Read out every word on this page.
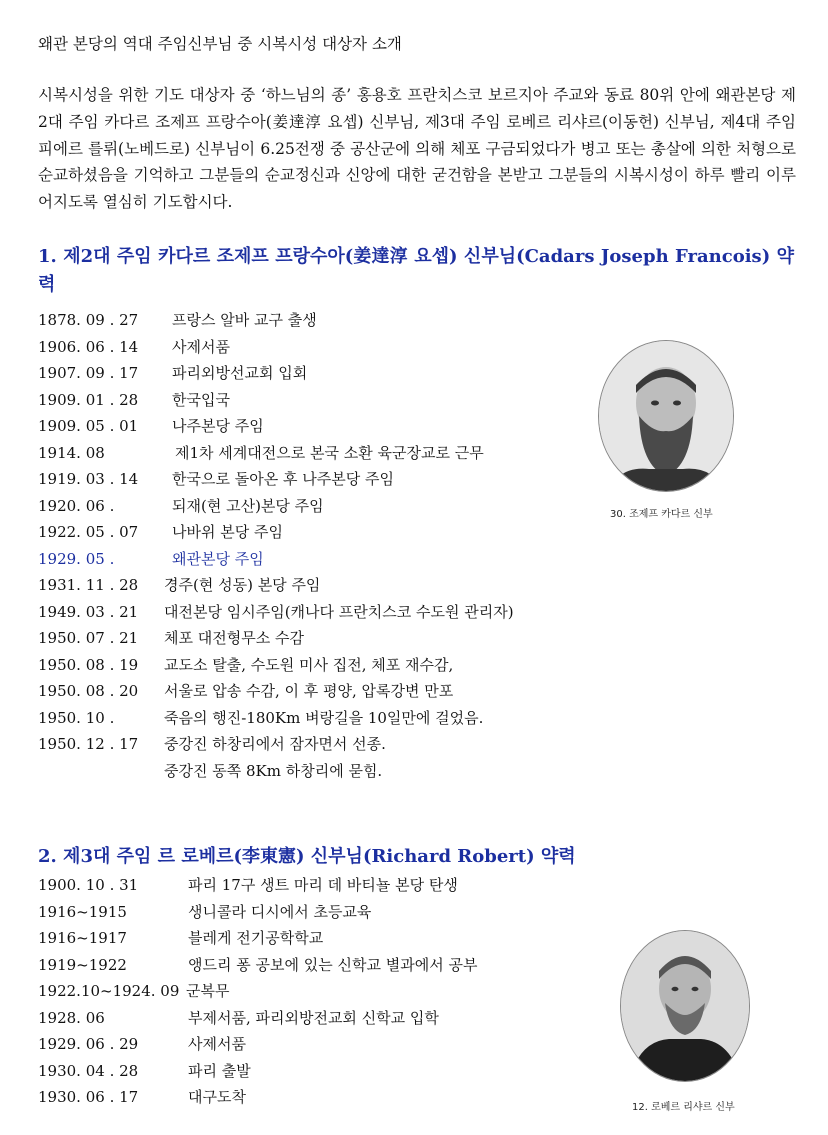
왜관 본당의 역대 주임신부님 중 시복시성 대상자 소개
시복시성을 위한 기도 대상자 중 ‘하느님의 종’ 홍용호 프란치스코 보르지아 주교와 동료 80위 안에 왜관본당 제 2대 주임 카다르 조제프 프랑수아(姜達淳 요셉) 신부님, 제3대 주임 로베르 리샤르(이동헌) 신부님, 제4대 주임 피에르 를뤼(노베드로) 신부님이 6.25전쟁 중 공산군에 의해 체포 구금되었다가 병고 또는 총살에 의한 처형으로 순교하셨음을 기억하고 그분들의 순교정신과 신앙에 대한 굳건함을 본받고 그분들의 시복시성이 하루 빨리 이루어지도록 열심히 기도합시다.
1. 제2대 주임 카다르 조제프 프랑수아(姜達淳 요셉) 신부님(Cadars Joseph Francois) 약력
1878. 09 . 27 프랑스 알바 교구 출생
1906. 06 . 14 사제서품
1907. 09 . 17 파리외방선교회 입회
1909. 01 . 28 한국입국
1909. 05 . 01 나주본당 주임
1914. 08	제1차 세계대전으로 본국 소환 육군장교로 근무
1919. 03 . 14 한국으로 돌아온 후 나주본당 주임
1920. 06 .	되재(현 고산)본당 주임
1922. 05 . 07 나바위 본당 주임
1929. 05 .	왜관본당 주임
1931. 11 . 28 경주(현 성동) 본당 주임
1949. 03 . 21 대전본당 임시주임(캐나다 프란치스코 수도원 관리자)
1950. 07 . 21 체포 대전형무소 수감
1950. 08 . 19 교도소 탈출, 수도원 미사 집전, 체포 재수감,
1950. 08 . 20 서울로 압송 수감, 이 후 평양, 압록강변 만포
1950. 10 .	죽음의 행진-180Km 벼랑길을 10일만에 걸었음.
1950. 12 . 17 중강진 하창리에서 잠자면서 선종.
중강진 동쪽 8Km 하창리에 묻힘.
30. 조제프 카다르 신부
2. 제3대 주임 르 로베르(李東憲) 신부님(Richard Robert) 약력
1900. 10 . 31	파리 17구 생트 마리 데 바티뇰 본당 탄생
1916~1915	생니콜라 디시에서 초등교육
1916~1917	블레게 전기공학학교
1919~1922	앵드리 퐁 공보에 있는 신학교 별과에서 공부
1922.10~1924. 09 군복무
1928. 06	부제서품, 파리외방전교회 신학교 입학
1929. 06 . 29	사제서품
1930. 04 . 28	파리 출발
1930. 06 . 17	대구도착
12. 로베르 리샤르 신부
